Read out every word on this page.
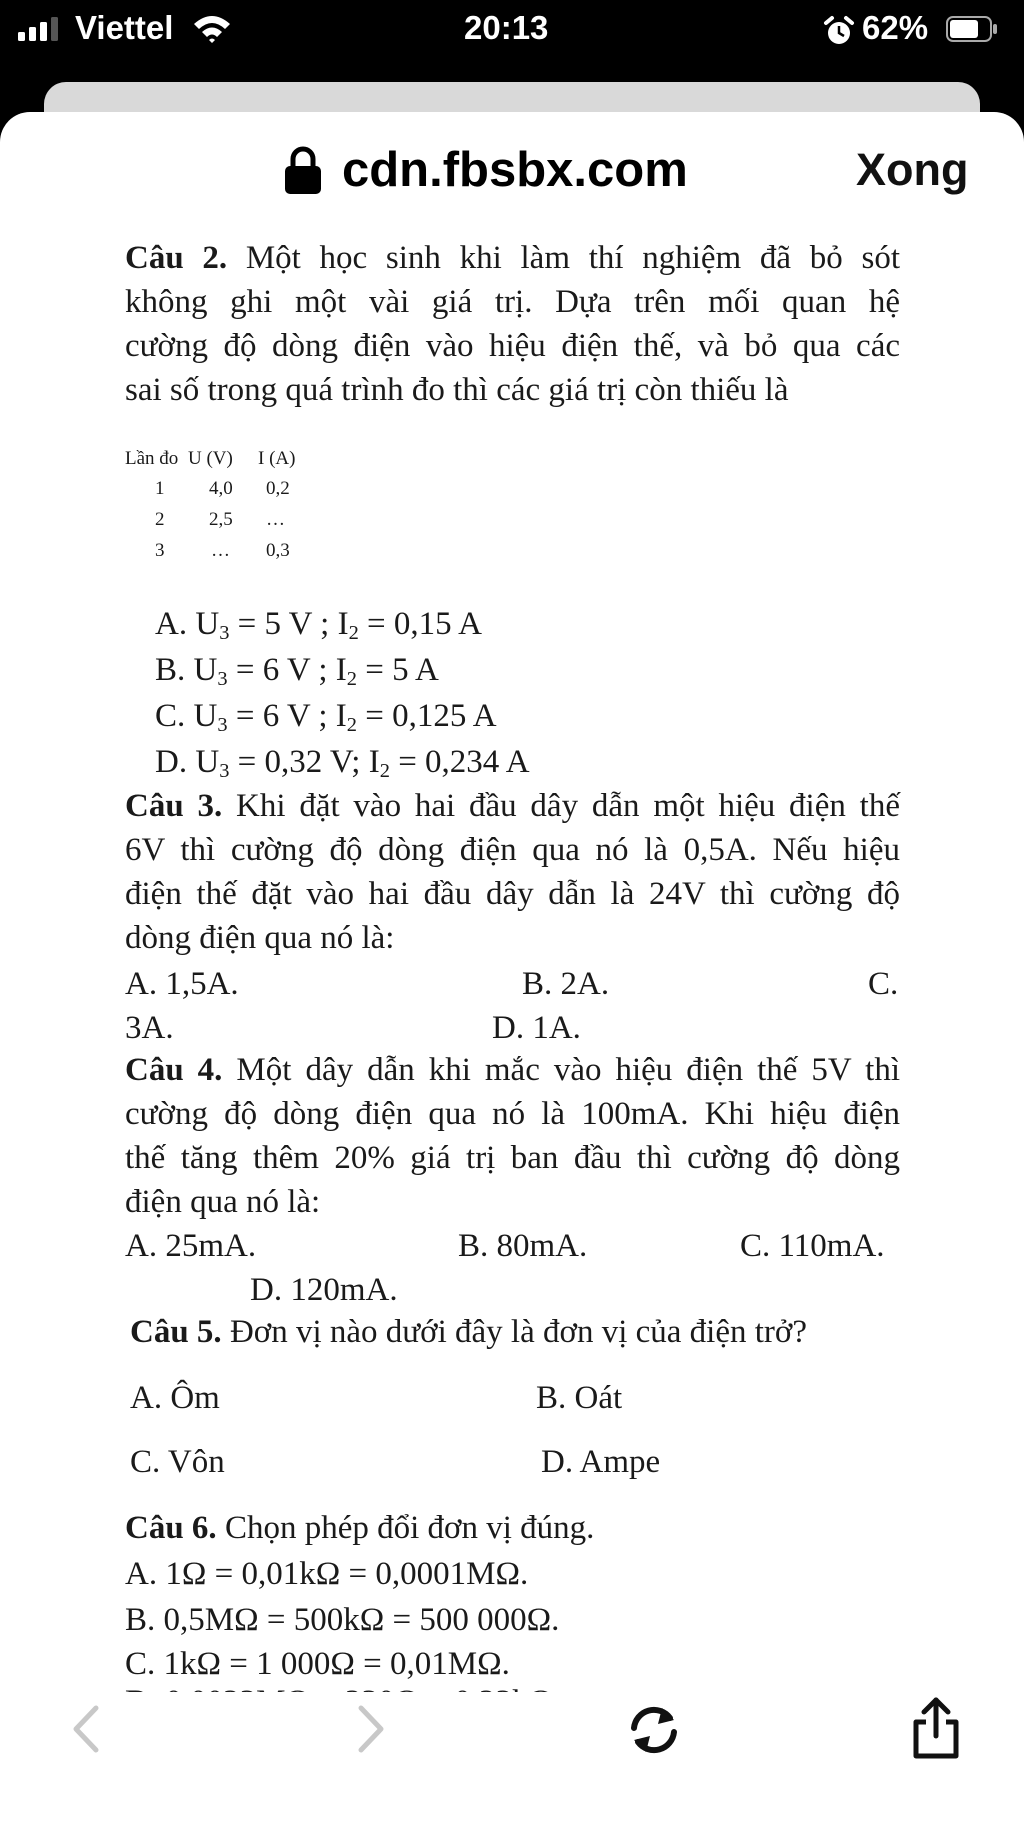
Viettel	20:13	62%
cdn.fbsbx.com	Xong
Câu 2. Một học sinh khi làm thí nghiệm đã bỏ sót
không ghi một vài giá trị. Dựa trên mối quan hệ
cường độ dòng điện vào hiệu điện thế, và bỏ qua các
sai số trong quá trình đo thì các giá trị còn thiếu là
Lần đo U (V) I (A)
1 4,0 0,2
2 2,5 …
3 … 0,3
A. $U_3 = 5$ V ; $I_2 = 0,15$ A
B. $U_3 = 6$ V ; $I_2 = 5$ A
C. $U_3 = 6$ V ; $I_2 = 0,125$ A
D. $U_3 = 0,32$ V; $I_2 = 0,234$ A
Câu 3. Khi đặt vào hai đầu dây dẫn một hiệu điện thế
6V thì cường độ dòng điện qua nó là 0,5A. Nếu hiệu
điện thế đặt vào hai đầu dây dẫn là 24V thì cường độ
dòng điện qua nó là:
A. 1,5A.	B. 2A.	C.
3A.	D. 1A.
Câu 4. Một dây dẫn khi mắc vào hiệu điện thế 5V thì
cường độ dòng điện qua nó là 100mA. Khi hiệu điện
thế tăng thêm 20% giá trị ban đầu thì cường độ dòng
điện qua nó là:
A. 25mA.	B. 80mA.	C. 110mA.
D. 120mA.
Câu 5. Đơn vị nào dưới đây là đơn vị của điện trở?
A. Ôm	B. Oát
C. Vôn	D. Ampe
Câu 6. Chọn phép đổi đơn vị đúng.
A. 1Ω = 0,01kΩ = 0,0001MΩ.
B. 0,5MΩ = 500kΩ = 500 000Ω.
C. 1kΩ = 1 000Ω = 0,01MΩ.
